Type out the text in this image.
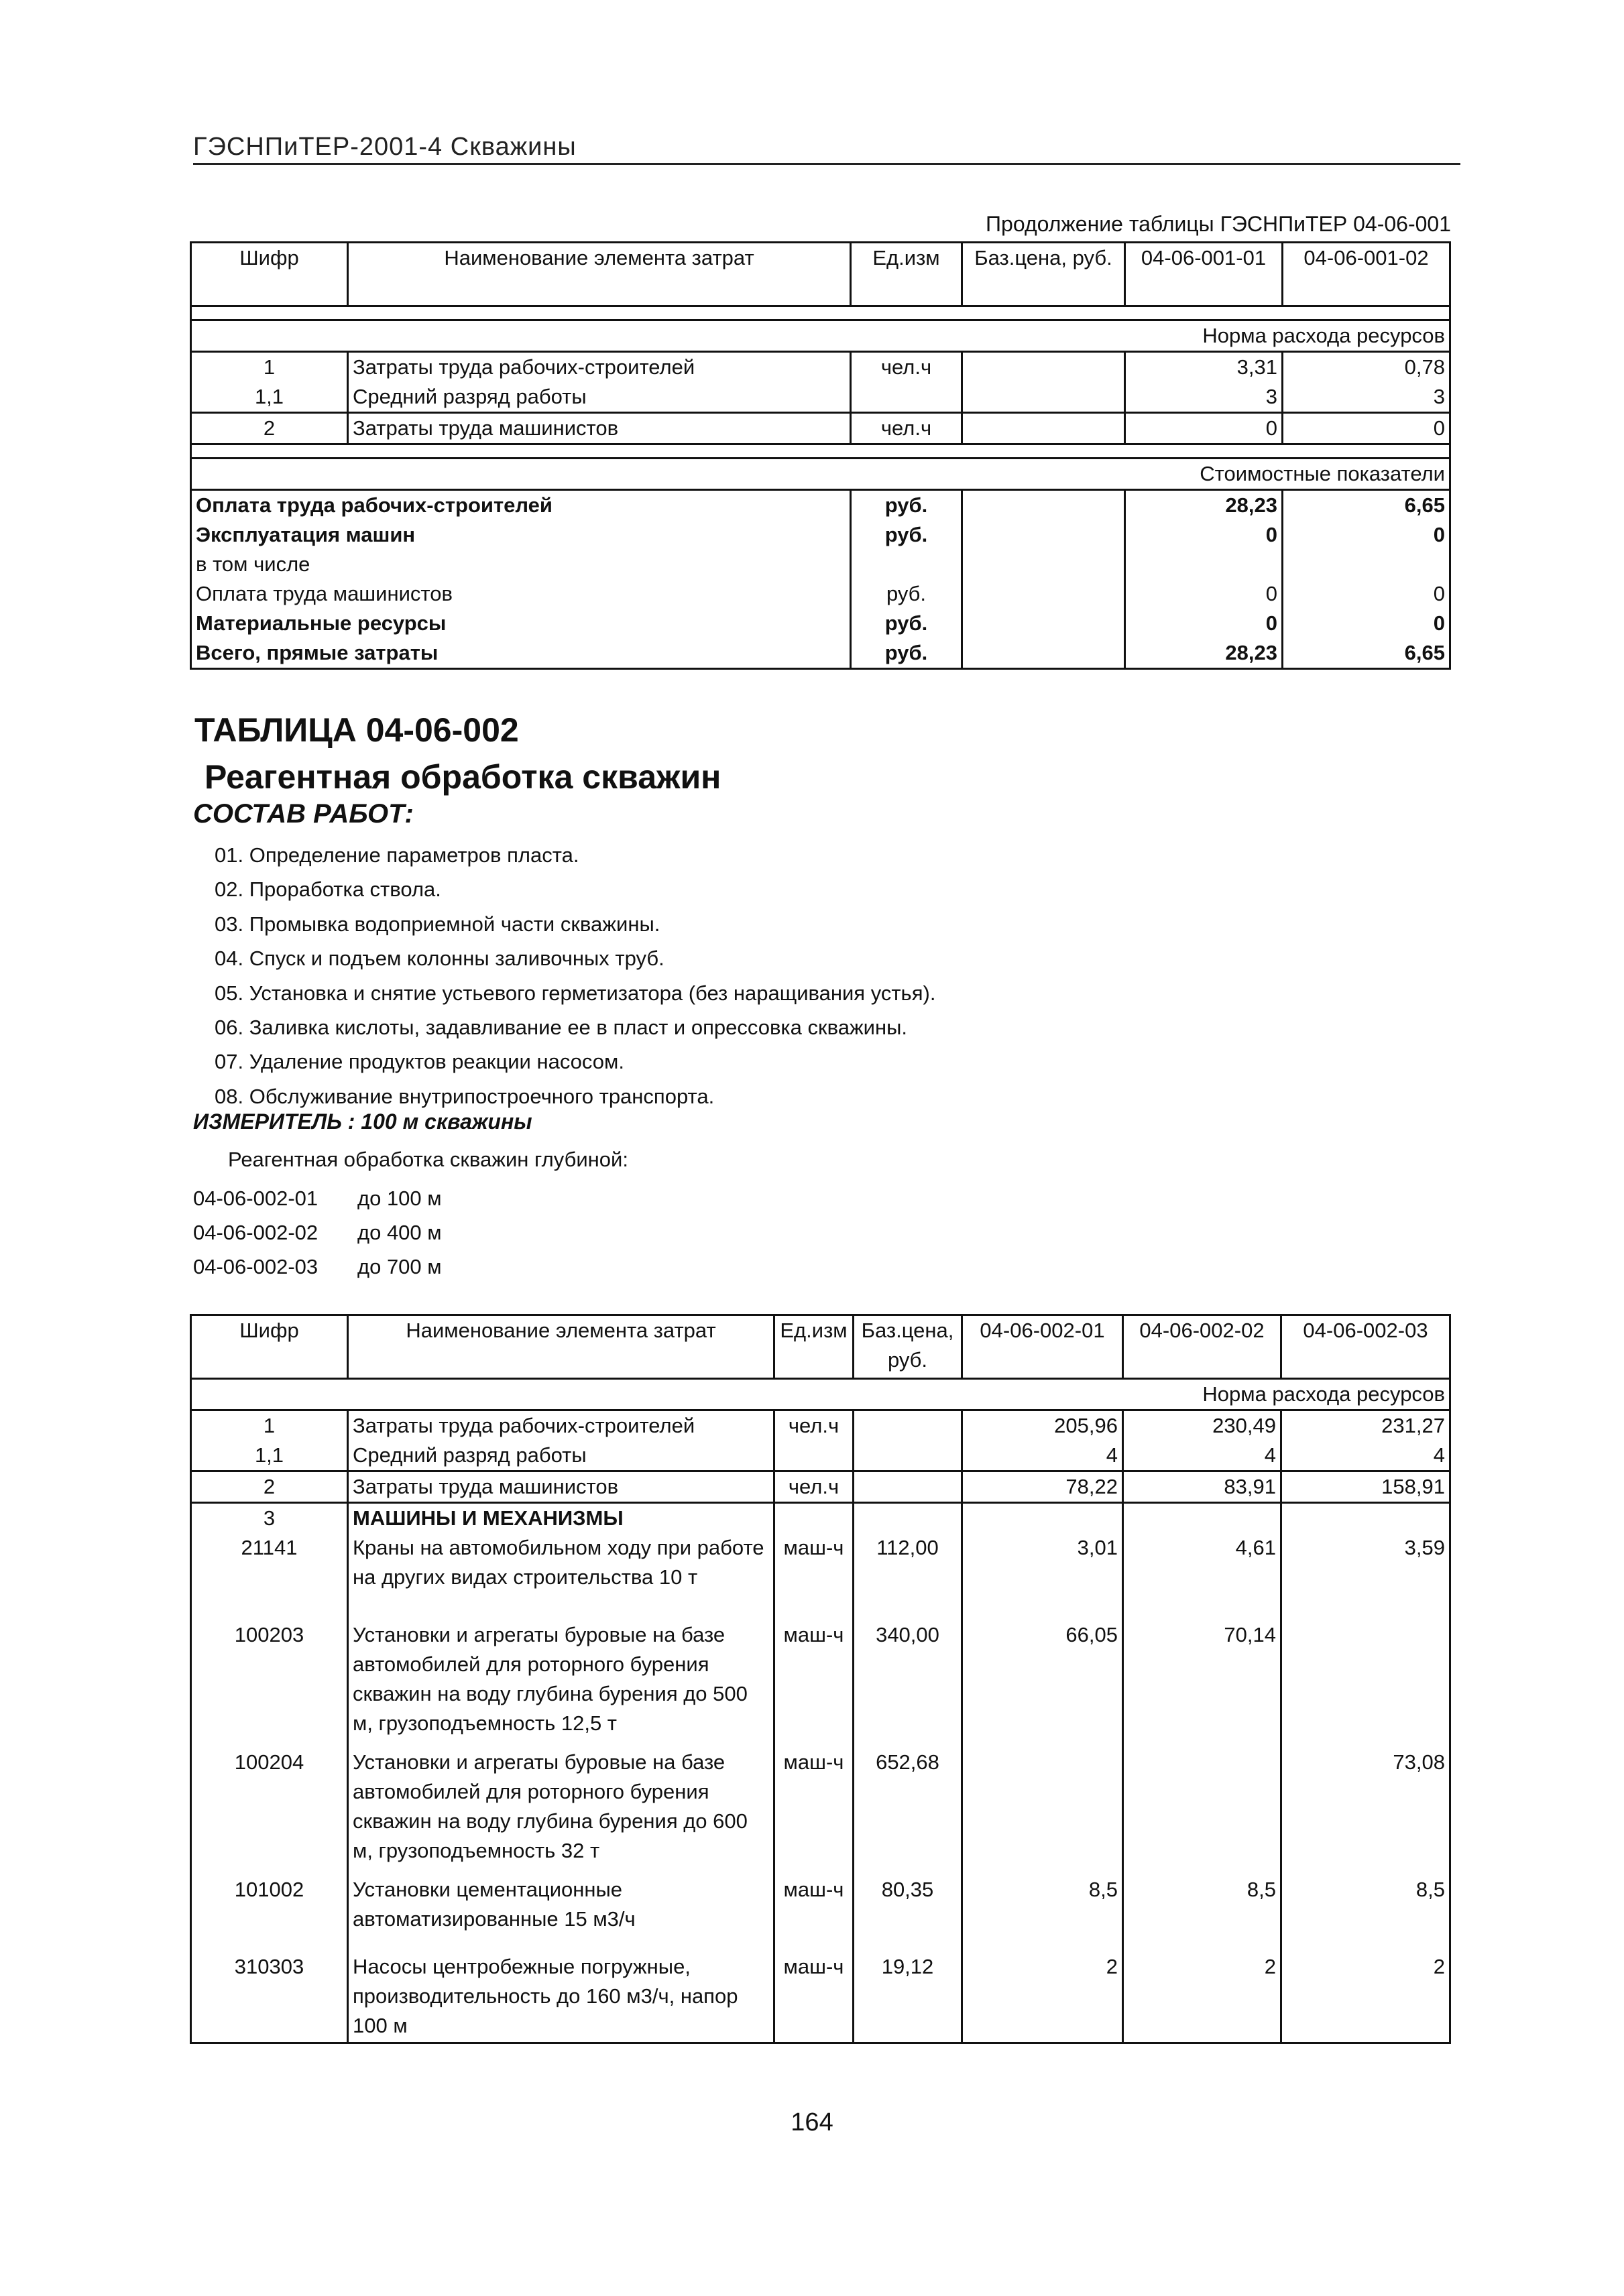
ГЭСНПиТЕР-2001-4 Скважины
Продолжение таблицы ГЭСНПиТЕР 04-06-001
Шифр	Наименование элемента затрат	Ед.изм	Баз.цена, руб.	04-06-001-01	04-06-001-02

Норма расхода ресурсов					
1	Затраты труда рабочих-строителей	чел.ч		3,31	0,78
1,1	Средний разряд работы			3	3
2	Затраты труда машинистов	чел.ч		0	0

Стоимостные показатели					
Оплата труда рабочих-строителей		руб.		28,23	6,65
Эксплуатация машин		руб.		0	0
в том числе					
Оплата труда машинистов		руб.		0	0
Материальные ресурсы		руб.		0	0
Всего, прямые затраты		руб.		28,23	6,65
ТАБЛИЦА 04-06-002
Реагентная обработка скважин
СОСТАВ РАБОТ:
01. Определение параметров пласта.
02. Проработка ствола.
03. Промывка водоприемной части скважины.
04. Спуск и подъем колонны заливочных труб.
05. Установка и снятие устьевого герметизатора (без наращивания устья).
06. Заливка кислоты, задавливание ее в пласт и опрессовка скважины.
07. Удаление продуктов реакции насосом.
08. Обслуживание внутрипостроечного транспорта.
ИЗМЕРИТЕЛЬ : 100 м скважины
Реагентная обработка скважин глубиной:
04-06-002-01 до 100 м
04-06-002-02 до 400 м
04-06-002-03 до 700 м
Шифр	Наименование элемента затрат	Ед.изм	Баз.цена, руб.	04-06-002-01	04-06-002-02	04-06-002-03
Норма расхода ресурсов						
1	Затраты труда рабочих-строителей	чел.ч		205,96	230,49	231,27
1,1	Средний разряд работы			4	4	4
2	Затраты труда машинистов	чел.ч		78,22	83,91	158,91
3	МАШИНЫ И МЕХАНИЗМЫ					
21141	Краны на автомобильном ходу при работе на других видах строительства 10 т	маш-ч	112,00	3,01	4,61	3,59
100203	Установки и агрегаты буровые на базе автомобилей для роторного бурения скважин на воду глубина бурения до 500 м, грузоподъемность 12,5 т	маш-ч	340,00	66,05	70,14	
100204	Установки и агрегаты буровые на базе автомобилей для роторного бурения скважин на воду глубина бурения до 600 м, грузоподъемность 32 т	маш-ч	652,68			73,08
101002	Установки цементационные автоматизированные 15 м3/ч	маш-ч	80,35	8,5	8,5	8,5
310303	Насосы центробежные погружные, производительность до 160 м3/ч, напор 100 м	маш-ч	19,12	2	2	2
164
